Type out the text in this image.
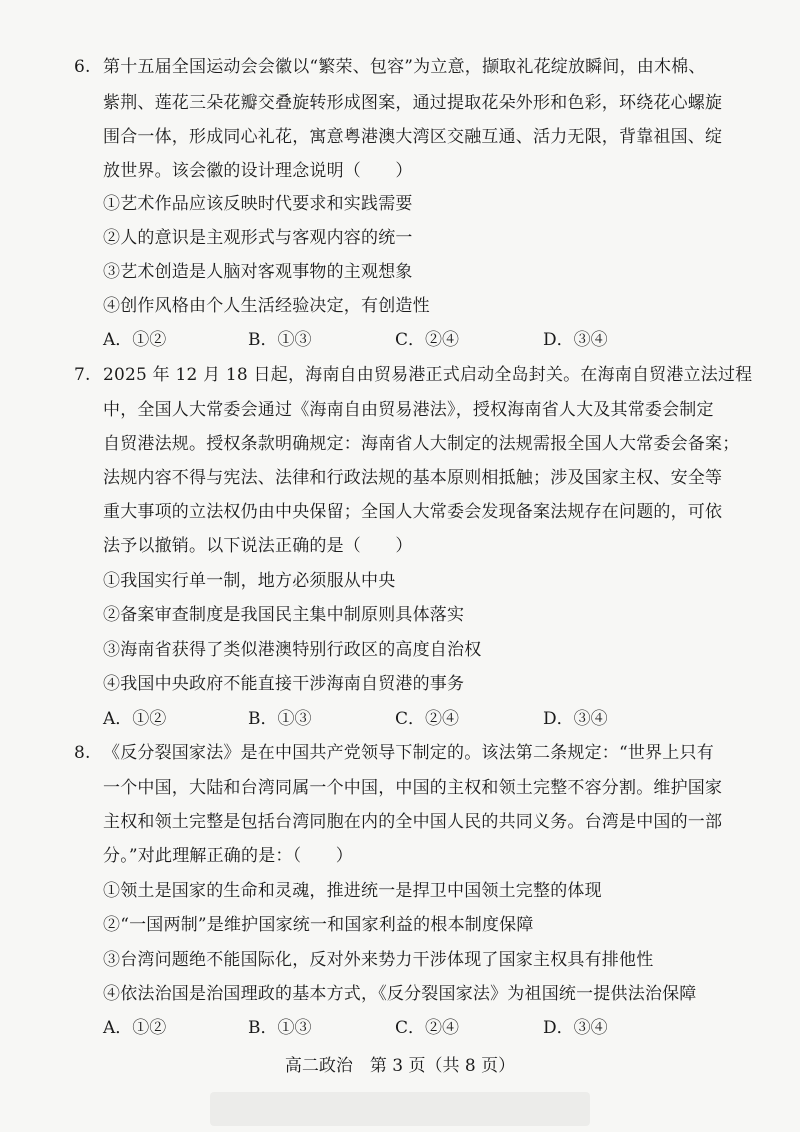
6. 第十五届全国运动会会徽以“繁荣、包容”为立意，撷取礼花绽放瞬间，由木棉、
紫荆、莲花三朵花瓣交叠旋转形成图案，通过提取花朵外形和色彩，环绕花心螺旋
围合一体，形成同心礼花，寓意粤港澳大湾区交融互通、活力无限，背靠祖国、绽
放世界。该会徽的设计理念说明（　　）
①艺术作品应该反映时代要求和实践需要
②人的意识是主观形式与客观内容的统一
③艺术创造是人脑对客观事物的主观想象
④创作风格由个人生活经验决定，有创造性
A．①②	B．①③	C．②④	D．③④
7. 2025 年 12 月 18 日起，海南自由贸易港正式启动全岛封关。在海南自贸港立法过程
中，全国人大常委会通过《海南自由贸易港法》，授权海南省人大及其常委会制定
自贸港法规。授权条款明确规定：海南省人大制定的法规需报全国人大常委会备案；
法规内容不得与宪法、法律和行政法规的基本原则相抵触；涉及国家主权、安全等
重大事项的立法权仍由中央保留；全国人大常委会发现备案法规存在问题的，可依
法予以撤销。以下说法正确的是（　　）
①我国实行单一制，地方必须服从中央
②备案审查制度是我国民主集中制原则具体落实
③海南省获得了类似港澳特别行政区的高度自治权
④我国中央政府不能直接干涉海南自贸港的事务
A．①②	B．①③	C．②④	D．③④
8. 《反分裂国家法》是在中国共产党领导下制定的。该法第二条规定：“世界上只有
一个中国，大陆和台湾同属一个中国，中国的主权和领土完整不容分割。维护国家
主权和领土完整是包括台湾同胞在内的全中国人民的共同义务。台湾是中国的一部
分。”对此理解正确的是：（　　）
①领土是国家的生命和灵魂，推进统一是捍卫中国领土完整的体现
②“一国两制”是维护国家统一和国家利益的根本制度保障
③台湾问题绝不能国际化，反对外来势力干涉体现了国家主权具有排他性
④依法治国是治国理政的基本方式，《反分裂国家法》为祖国统一提供法治保障
A．①②	B．①③	C．②④	D．③④
高二政治　第 3 页（共 8 页）
